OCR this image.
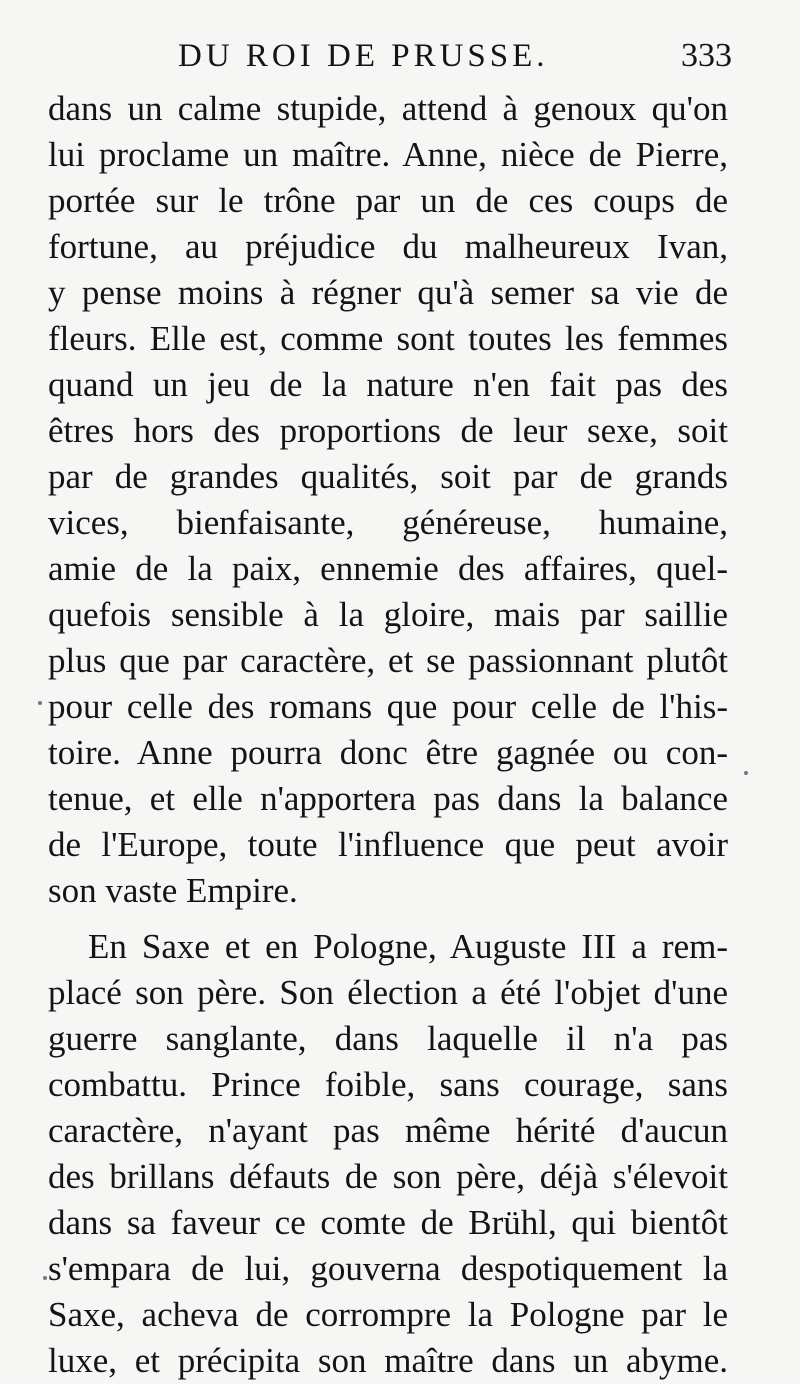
DU ROI DE PRUSSE.	333
dans un calme stupide, attend à genoux qu'on
lui proclame un maître. Anne, nièce de Pierre,
portée sur le trône par un de ces coups de
fortune, au préjudice du malheureux Ivan,
y pense moins à régner qu'à semer sa vie de
fleurs. Elle est, comme sont toutes les femmes
quand un jeu de la nature n'en fait pas des
êtres hors des proportions de leur sexe, soit
par de grandes qualités, soit par de grands
vices, bienfaisante, généreuse, humaine,
amie de la paix, ennemie des affaires, quel-
quefois sensible à la gloire, mais par saillie
plus que par caractère, et se passionnant plutôt
pour celle des romans que pour celle de l'his-
toire. Anne pourra donc être gagnée ou con-
tenue, et elle n'apportera pas dans la balance
de l'Europe, toute l'influence que peut avoir
son vaste Empire.
En Saxe et en Pologne, Auguste III a rem-
placé son père. Son élection a été l'objet d'une
guerre sanglante, dans laquelle il n'a pas
combattu. Prince foible, sans courage, sans
caractère, n'ayant pas même hérité d'aucun
des brillans défauts de son père, déjà s'élevoit
dans sa faveur ce comte de Brühl, qui bientôt
s'empara de lui, gouverna despotiquement la
Saxe, acheva de corrompre la Pologne par le
luxe, et précipita son maître dans un abyme.
